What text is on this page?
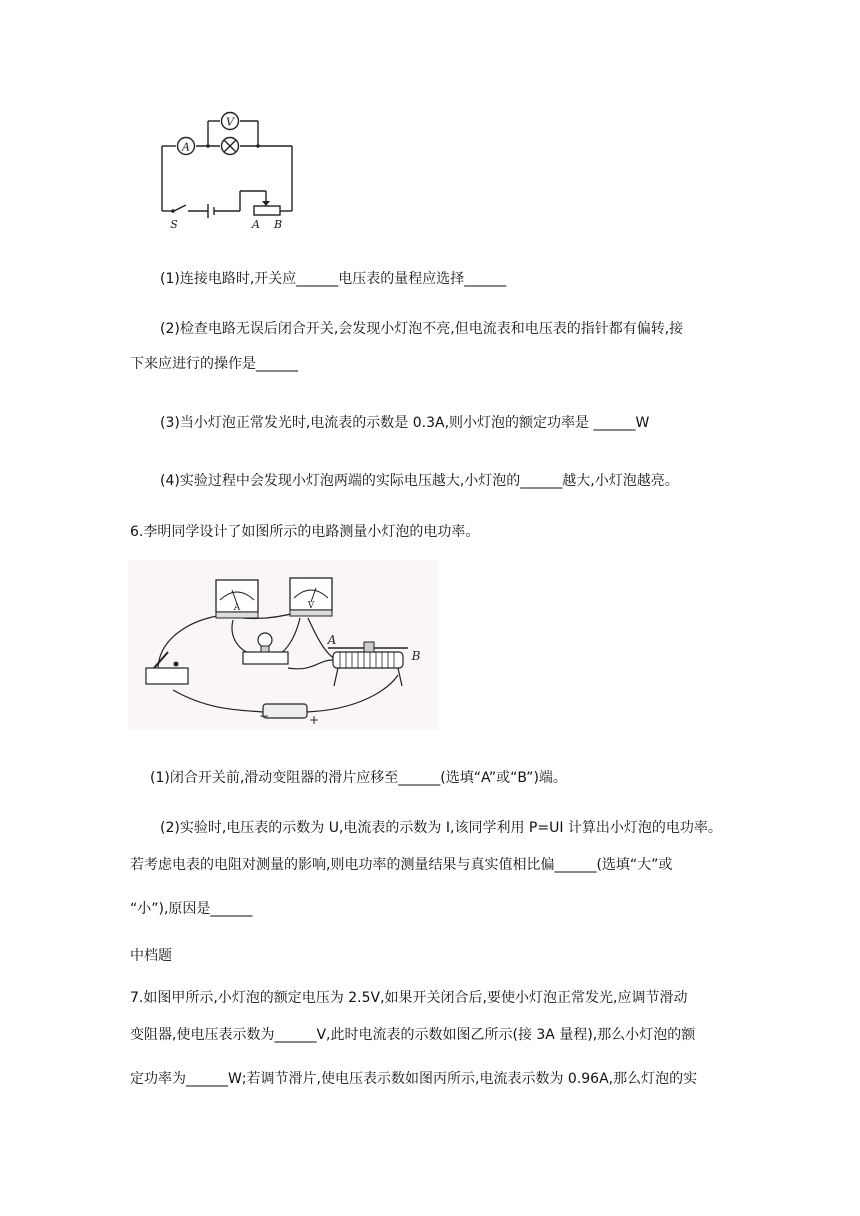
A
V
S	A B
(1)连接电路时,开关应______电压表的量程应选择______
(2)检查电路无误后闭合开关,会发现小灯泡不亮,但电流表和电压表的指针都有偏转,接
下来应进行的操作是______
(3)当小灯泡正常发光时,电流表的示数是 0.3A,则小灯泡的额定功率是 ______W
(4)实验过程中会发现小灯泡两端的实际电压越大,小灯泡的______越大,小灯泡越亮。
6.李明同学设计了如图所示的电路测量小灯泡的电功率。
A	V
−	+
A
B
(1)闭合开关前,滑动变阻器的滑片应移至______(选填“A”或“B”)端。
(2)实验时,电压表的示数为 U,电流表的示数为 I,该同学利用 P=UI 计算出小灯泡的电功率。
若考虑电表的电阻对测量的影响,则电功率的测量结果与真实值相比偏______(选填“大”或
“小”),原因是______
中档题
7.如图甲所示,小灯泡的额定电压为 2.5V,如果开关闭合后,要使小灯泡正常发光,应调节滑动
变阻器,使电压表示数为______V,此时电流表的示数如图乙所示(接 3A 量程),那么小灯泡的额
定功率为______W;若调节滑片,使电压表示数如图丙所示,电流表示数为 0.96A,那么灯泡的实
